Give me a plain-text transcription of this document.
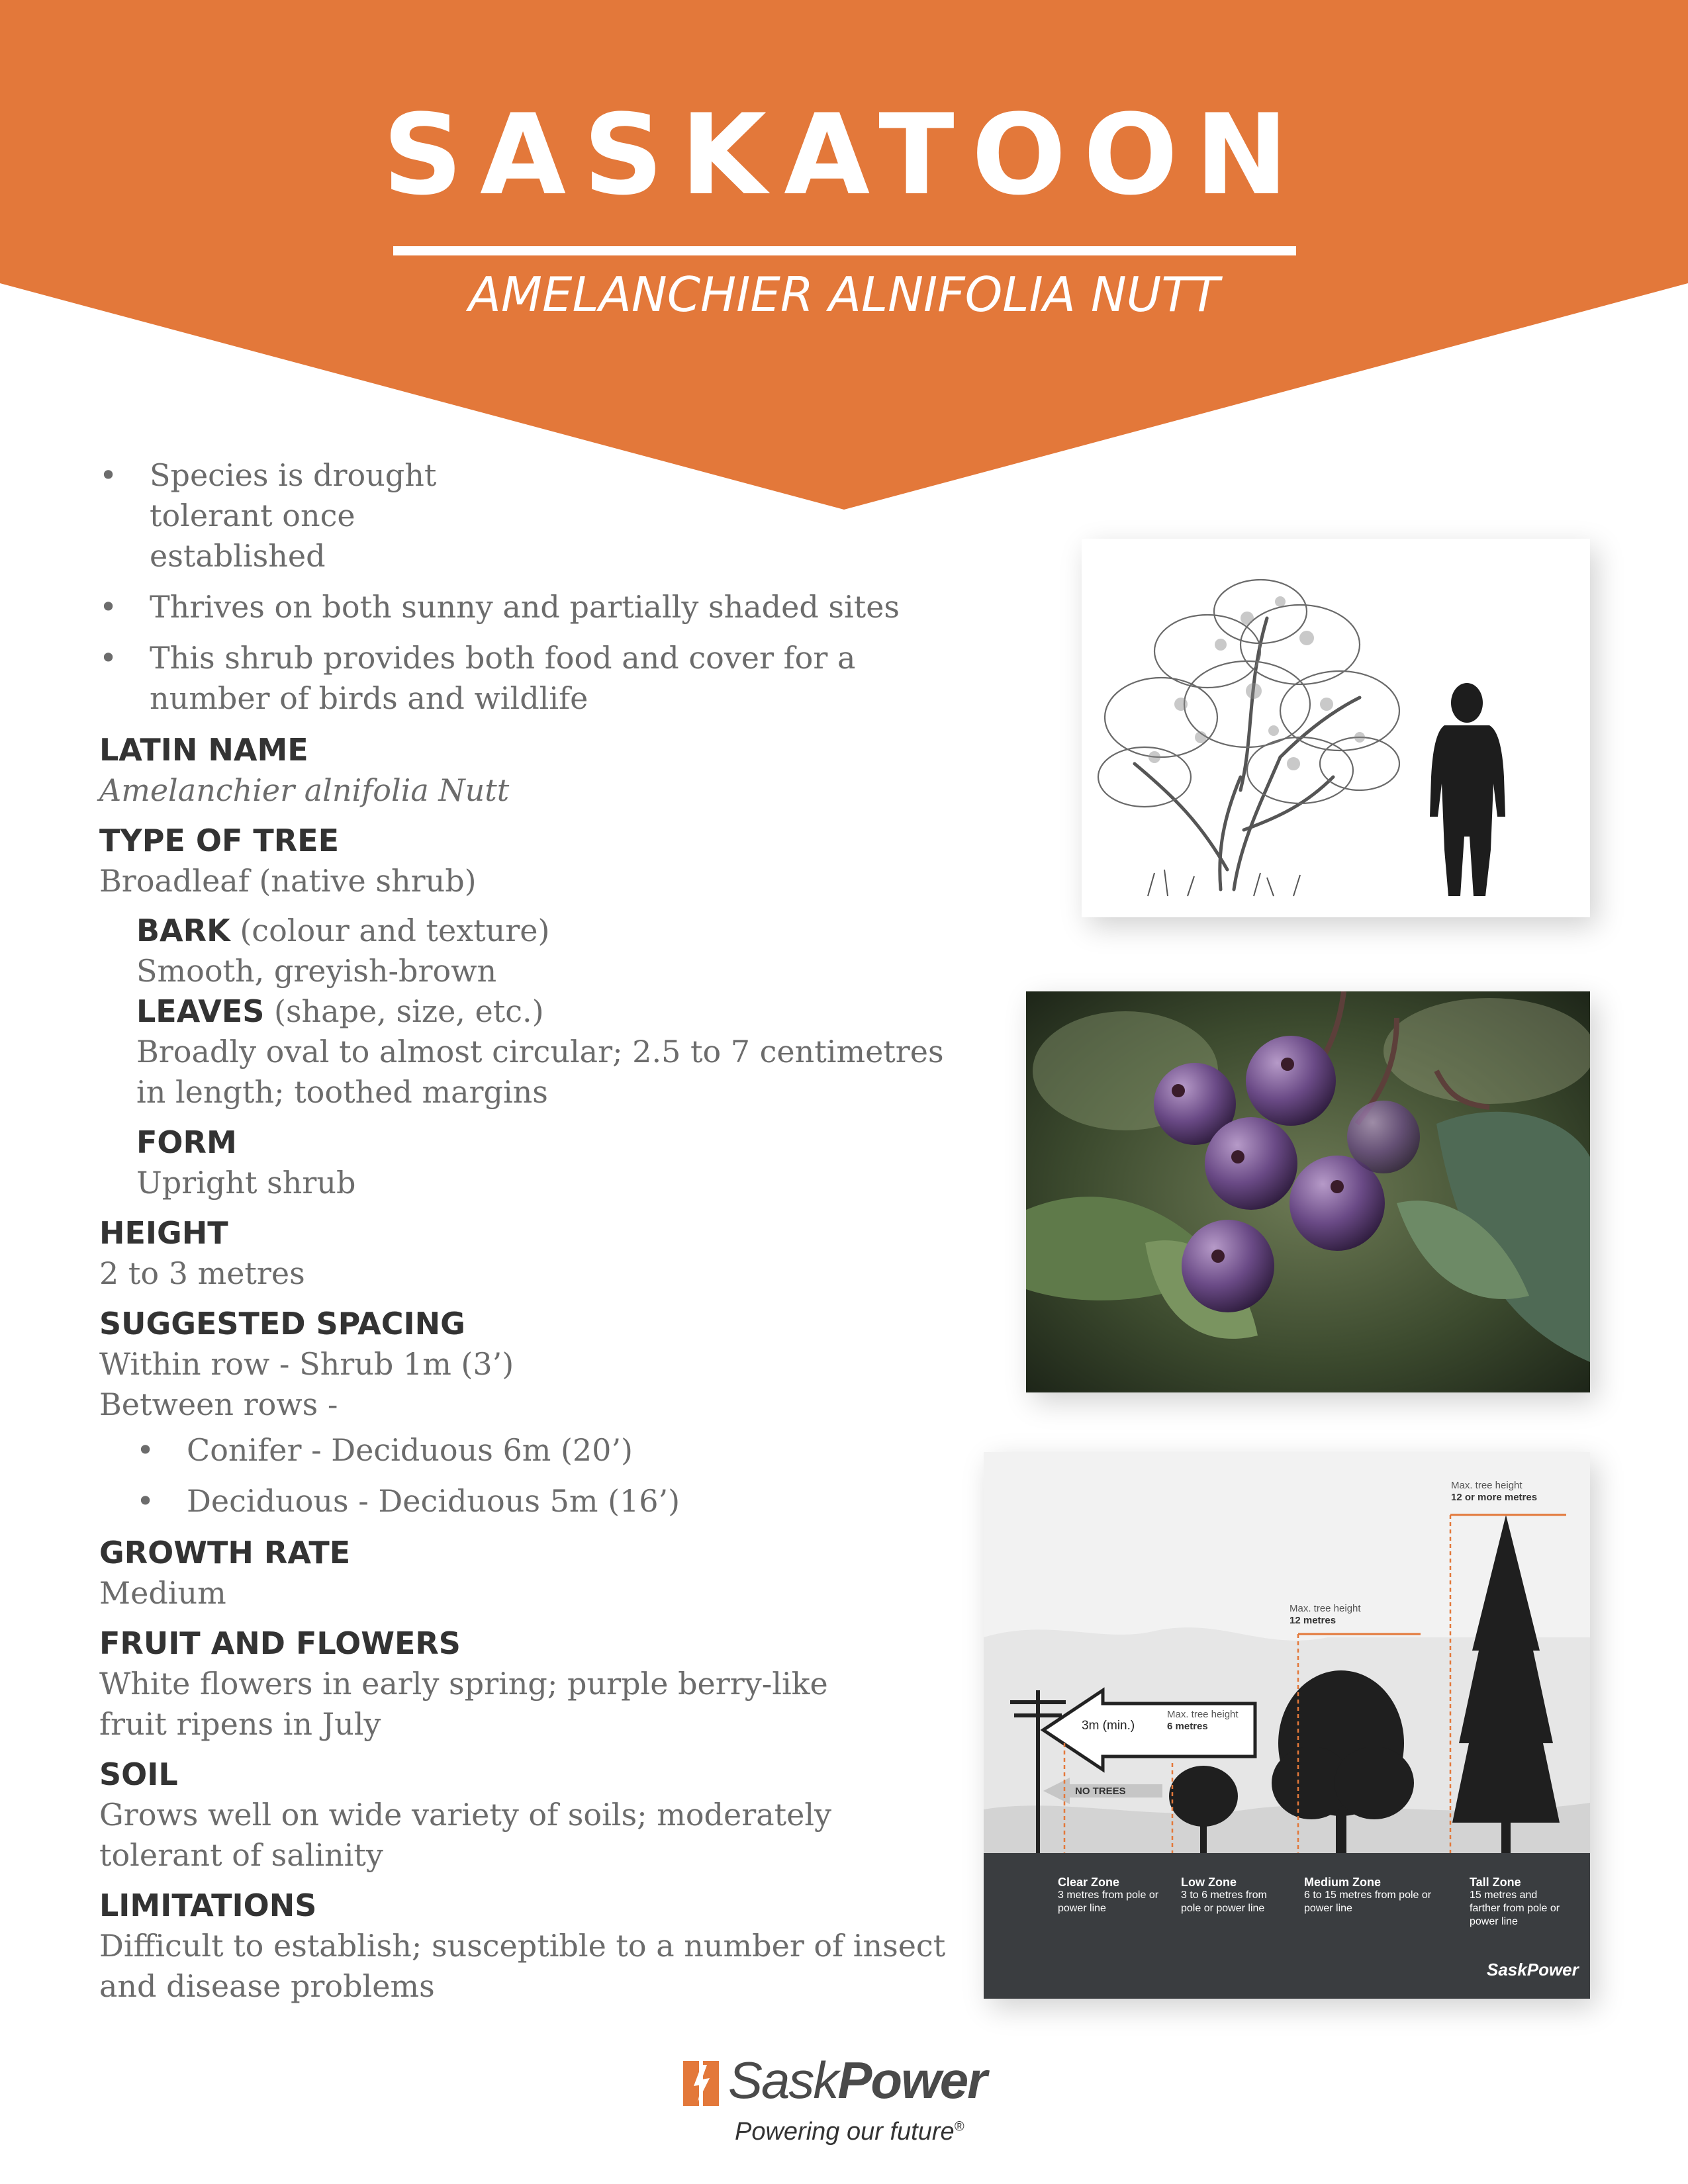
SASKATOON
AMELANCHIER ALNIFOLIA NUTT
• Species is drought tolerant once established
• Thrives on both sunny and partially shaded sites
• This shrub provides both food and cover for a number of birds and wildlife
LATIN NAME
Amelanchier alnifolia Nutt
TYPE OF TREE
Broadleaf (native shrub)
BARK (colour and texture)
Smooth, greyish-brown
LEAVES (shape, size, etc.)
Broadly oval to almost circular; 2.5 to 7 centimetres in length; toothed margins
FORM
Upright shrub
HEIGHT
2 to 3 metres
SUGGESTED SPACING
Within row - Shrub 1m (3’)
Between rows -
• Conifer - Deciduous 6m (20’)
• Deciduous - Deciduous 5m (16’)
GROWTH RATE
Medium
FRUIT AND FLOWERS
White flowers in early spring; purple berry-like fruit ripens in July
SOIL
Grows well on wide variety of soils; moderately tolerant of salinity
LIMITATIONS
Difficult to establish; susceptible to a number of insect and disease problems
3m (min.)
NO TREES
Max. tree height
6 metres
Max. tree height
12 metres
Max. tree height
12 or more metres
Clear Zone
3 metres from pole or power line
Low Zone
3 to 6 metres from pole or power line
Medium Zone
6 to 15 metres from pole or power line
Tall Zone
15 metres and farther from pole or power line
SaskPower
SaskPower
Powering our future®
